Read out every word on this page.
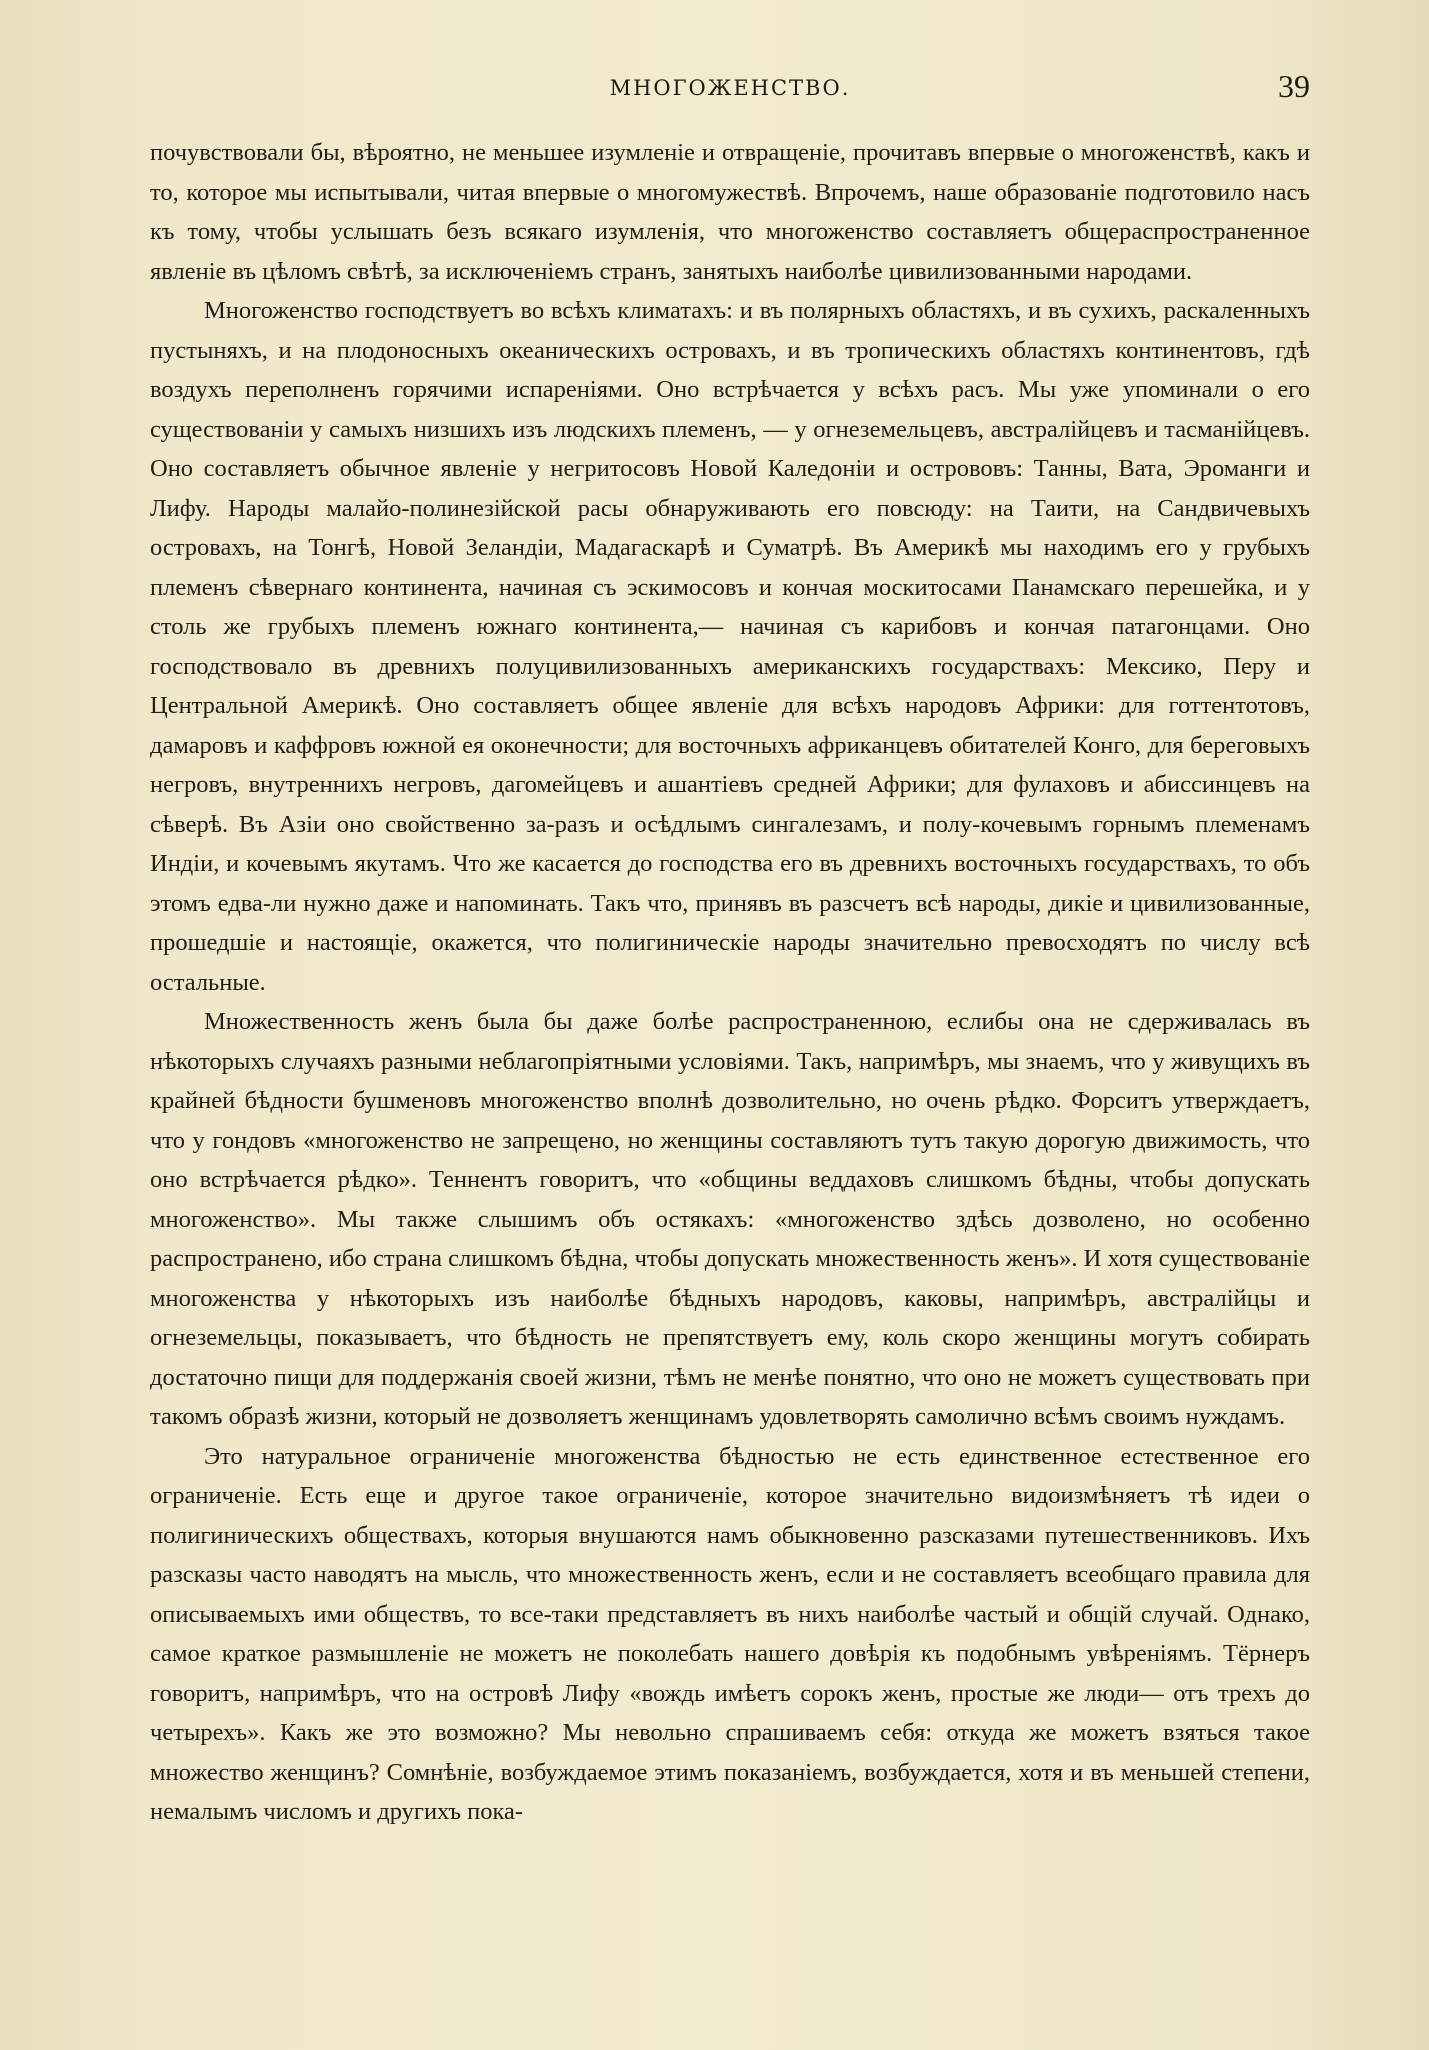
МНОГОЖЕНСТВО.	39

почувствовали бы, вѣроятно, не меньшее изумленіе и отвращеніе, прочитавъ впервые о многоженствѣ, какъ и то, которое мы испытывали, читая впервые о многомужествѣ. Впрочемъ, наше образованіе подготовило насъ къ тому, чтобы услышать безъ всякаго изумленія, что многоженство составляетъ общераспространенное явленіе въ цѣломъ свѣтѣ, за исключеніемъ странъ, занятыхъ наиболѣе цивилизованными народами.

Многоженство господствуетъ во всѣхъ климатахъ: и въ полярныхъ областяхъ, и въ сухихъ, раскаленныхъ пустыняхъ, и на плодоносныхъ океаническихъ островахъ, и въ тропическихъ областяхъ континентовъ, гдѣ воздухъ переполненъ горячими испареніями. Оно встрѣчается у всѣхъ расъ. Мы уже упоминали о его существованіи у самыхъ низшихъ изъ людскихъ племенъ, — у огнеземельцевъ, австралійцевъ и тасманійцевъ. Оно составляетъ обычное явленіе у негритосовъ Новой Каледоніи и острововъ: Танны, Вата, Эроманги и Лифу. Народы малайо-полинезійской расы обнаруживають его повсюду: на Таити, на Сандвичевыхъ островахъ, на Тонгѣ, Новой Зеландіи, Мадагаскарѣ и Суматрѣ. Въ Америкѣ мы находимъ его у грубыхъ племенъ сѣвернаго континента, начиная съ эскимосовъ и кончая москитосами Панамскаго перешейка, и у столь же грубыхъ племенъ южнаго континента,— начиная съ карибовъ и кончая патагонцами. Оно господствовало въ древнихъ полуцивилизованныхъ американскихъ государствахъ: Мексико, Перу и Центральной Америкѣ. Оно составляетъ общее явленіе для всѣхъ народовъ Африки: для готтентотовъ, дамаровъ и каффровъ южной ея оконечности; для восточныхъ африканцевъ обитателей Конго, для береговыхъ негровъ, внутреннихъ негровъ, дагомейцевъ и ашантіевъ средней Африки; для фулаховъ и абиссинцевъ на сѣверѣ. Въ Азіи оно свойственно за-разъ и осѣдлымъ сингалезамъ, и полу-кочевымъ горнымъ племенамъ Индіи, и кочевымъ якутамъ. Что же касается до господства его въ древнихъ восточныхъ государствахъ, то объ этомъ едва-ли нужно даже и напоминать. Такъ что, принявъ въ разсчетъ всѣ народы, дикіе и цивилизованные, прошедшіе и настоящіе, окажется, что полигиническіе народы значительно превосходятъ по числу всѣ остальные.

Множественность женъ была бы даже болѣе распространенною, еслибы она не сдерживалась въ нѣкоторыхъ случаяхъ разными неблагопріятными условіями. Такъ, напримѣръ, мы знаемъ, что у живущихъ въ крайней бѣдности бушменовъ многоженство вполнѣ дозволительно, но очень рѣдко. Форситъ утверждаетъ, что у гондовъ «многоженство не запрещено, но женщины составляютъ тутъ такую дорогую движимость, что оно встрѣчается рѣдко». Теннентъ говоритъ, что «общины веддаховъ слишкомъ бѣдны, чтобы допускать многоженство». Мы также слышимъ объ остякахъ: «многоженство здѣсь дозволено, но особенно распространено, ибо страна слишкомъ бѣдна, чтобы допускать множественность женъ». И хотя существованіе многоженства у нѣкоторыхъ изъ наиболѣе бѣдныхъ народовъ, каковы, напримѣръ, австралійцы и огнеземельцы, показываетъ, что бѣдность не препятствуетъ ему, коль скоро женщины могутъ собирать достаточно пищи для поддержанія своей жизни, тѣмъ не менѣе понятно, что оно не можетъ существовать при такомъ образѣ жизни, который не дозволяетъ женщинамъ удовлетворять самолично всѣмъ своимъ нуждамъ.

Это натуральное ограниченіе многоженства бѣдностью не есть единственное естественное его ограниченіе. Есть еще и другое такое ограниченіе, которое значительно видоизмѣняетъ тѣ идеи о полигиническихъ обществахъ, которыя внушаются намъ обыкновенно разсказами путешественниковъ. Ихъ разсказы часто наводятъ на мысль, что множественность женъ, если и не составляетъ всеобщаго правила для описываемыхъ ими обществъ, то все-таки представляетъ въ нихъ наиболѣе частый и общій случай. Однако, самое краткое размышленіе не можетъ не поколебать нашего довѣрія къ подобнымъ увѣреніямъ. Тёрнеръ говоритъ, напримѣръ, что на островѣ Лифу «вождь имѣетъ сорокъ женъ, простые же люди— отъ трехъ до четырехъ». Какъ же это возможно? Мы невольно спрашиваемъ себя: откуда же можетъ взяться такое множество женщинъ? Сомнѣніе, возбуждаемое этимъ показаніемъ, возбуждается, хотя и въ меньшей степени, немалымъ числомъ и другихъ пока-
